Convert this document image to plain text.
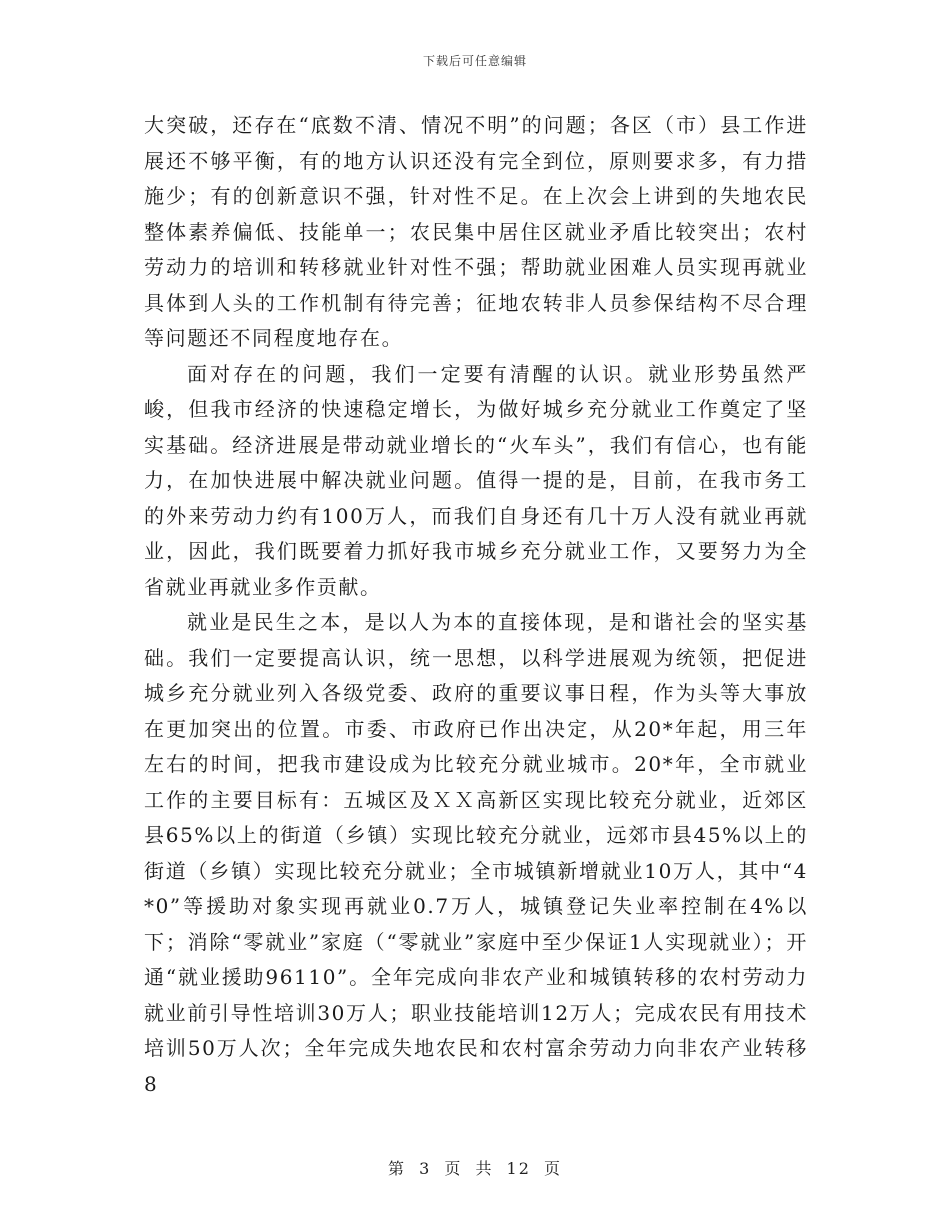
下载后可任意编辑

大突破，还存在“底数不清、情况不明”的问题；各区（市）县工作进展还不够平衡，有的地方认识还没有完全到位，原则要求多，有力措施少；有的创新意识不强，针对性不足。在上次会上讲到的失地农民整体素养偏低、技能单一；农民集中居住区就业矛盾比较突出；农村劳动力的培训和转移就业针对性不强；帮助就业困难人员实现再就业具体到人头的工作机制有待完善；征地农转非人员参保结构不尽合理等问题还不同程度地存在。

面对存在的问题，我们一定要有清醒的认识。就业形势虽然严峻，但我市经济的快速稳定增长，为做好城乡充分就业工作奠定了坚实基础。经济进展是带动就业增长的“火车头”，我们有信心，也有能力，在加快进展中解决就业问题。值得一提的是，目前，在我市务工的外来劳动力约有100万人，而我们自身还有几十万人没有就业再就业，因此，我们既要着力抓好我市城乡充分就业工作，又要努力为全省就业再就业多作贡献。

就业是民生之本，是以人为本的直接体现，是和谐社会的坚实基础。我们一定要提高认识，统一思想，以科学进展观为统领，把促进城乡充分就业列入各级党委、政府的重要议事日程，作为头等大事放在更加突出的位置。市委、市政府已作出决定，从20*年起，用三年左右的时间，把我市建设成为比较充分就业城市。20*年，全市就业工作的主要目标有：五城区及ＸＸ高新区实现比较充分就业，近郊区县65%以上的街道（乡镇）实现比较充分就业，远郊市县45%以上的街道（乡镇）实现比较充分就业；全市城镇新增就业10万人，其中“4*0”等援助对象实现再就业0.7万人，城镇登记失业率控制在4%以下；消除“零就业”家庭（“零就业”家庭中至少保证1人实现就业）；开通“就业援助96110”。全年完成向非农产业和城镇转移的农村劳动力就业前引导性培训30万人；职业技能培训12万人；完成农民有用技术培训50万人次；全年完成失地农民和农村富余劳动力向非农产业转移8

第 3 页 共 12 页
